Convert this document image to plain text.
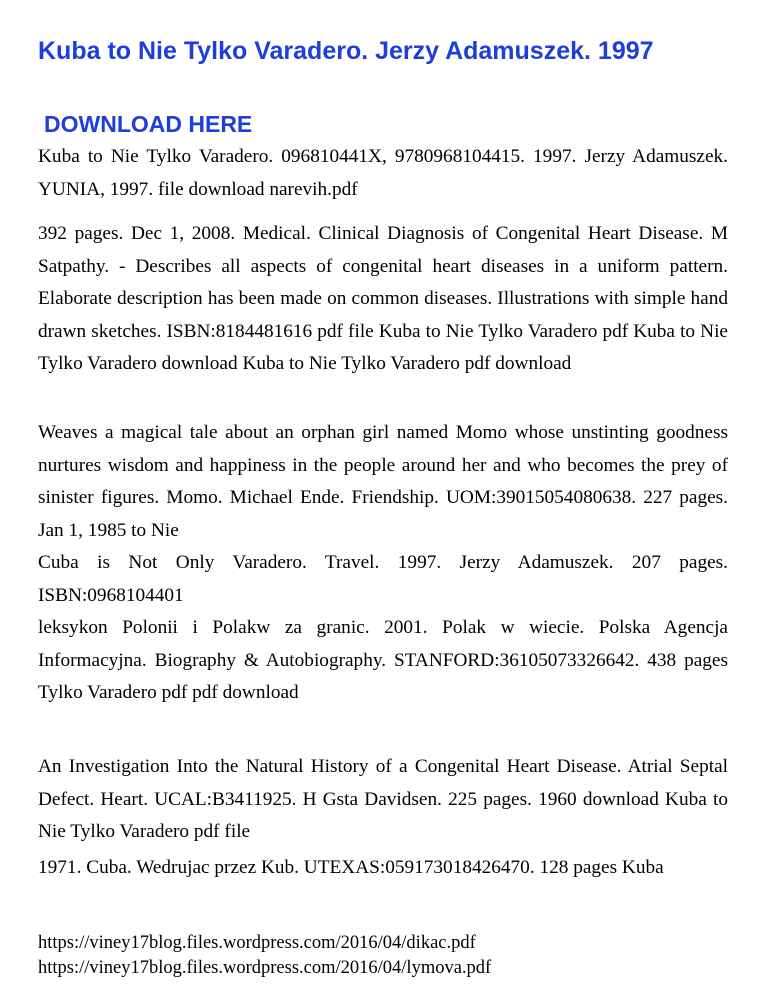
Kuba to Nie Tylko Varadero. Jerzy Adamuszek. 1997
DOWNLOAD HERE

Kuba to Nie Tylko Varadero. 096810441X, 9780968104415. 1997. Jerzy Adamuszek. YUNIA, 1997. file download narevih.pdf

392 pages. Dec 1, 2008. Medical. Clinical Diagnosis of Congenital Heart Disease. M Satpathy. - Describes all aspects of congenital heart diseases in a uniform pattern. Elaborate description has been made on common diseases. Illustrations with simple hand drawn sketches. ISBN:8184481616 pdf file Kuba to Nie Tylko Varadero pdf Kuba to Nie Tylko Varadero download Kuba to Nie Tylko Varadero pdf download

Weaves a magical tale about an orphan girl named Momo whose unstinting goodness nurtures wisdom and happiness in the people around her and who becomes the prey of sinister figures. Momo. Michael Ende. Friendship. UOM:39015054080638. 227 pages. Jan 1, 1985 to Nie

Cuba is Not Only Varadero. Travel. 1997. Jerzy Adamuszek. 207 pages. ISBN:0968104401

leksykon Polonii i Polakw za granic. 2001. Polak w wiecie. Polska Agencja Informacyjna. Biography & Autobiography. STANFORD:36105073326642. 438 pages Tylko Varadero pdf pdf download

An Investigation Into the Natural History of a Congenital Heart Disease. Atrial Septal Defect. Heart. UCAL:B3411925. H Gsta Davidsen. 225 pages. 1960 download Kuba to Nie Tylko Varadero pdf file

1971. Cuba. Wedrujac przez Kub. UTEXAS:059173018426470. 128 pages Kuba

https://viney17blog.files.wordpress.com/2016/04/dikac.pdf
https://viney17blog.files.wordpress.com/2016/04/lymova.pdf
